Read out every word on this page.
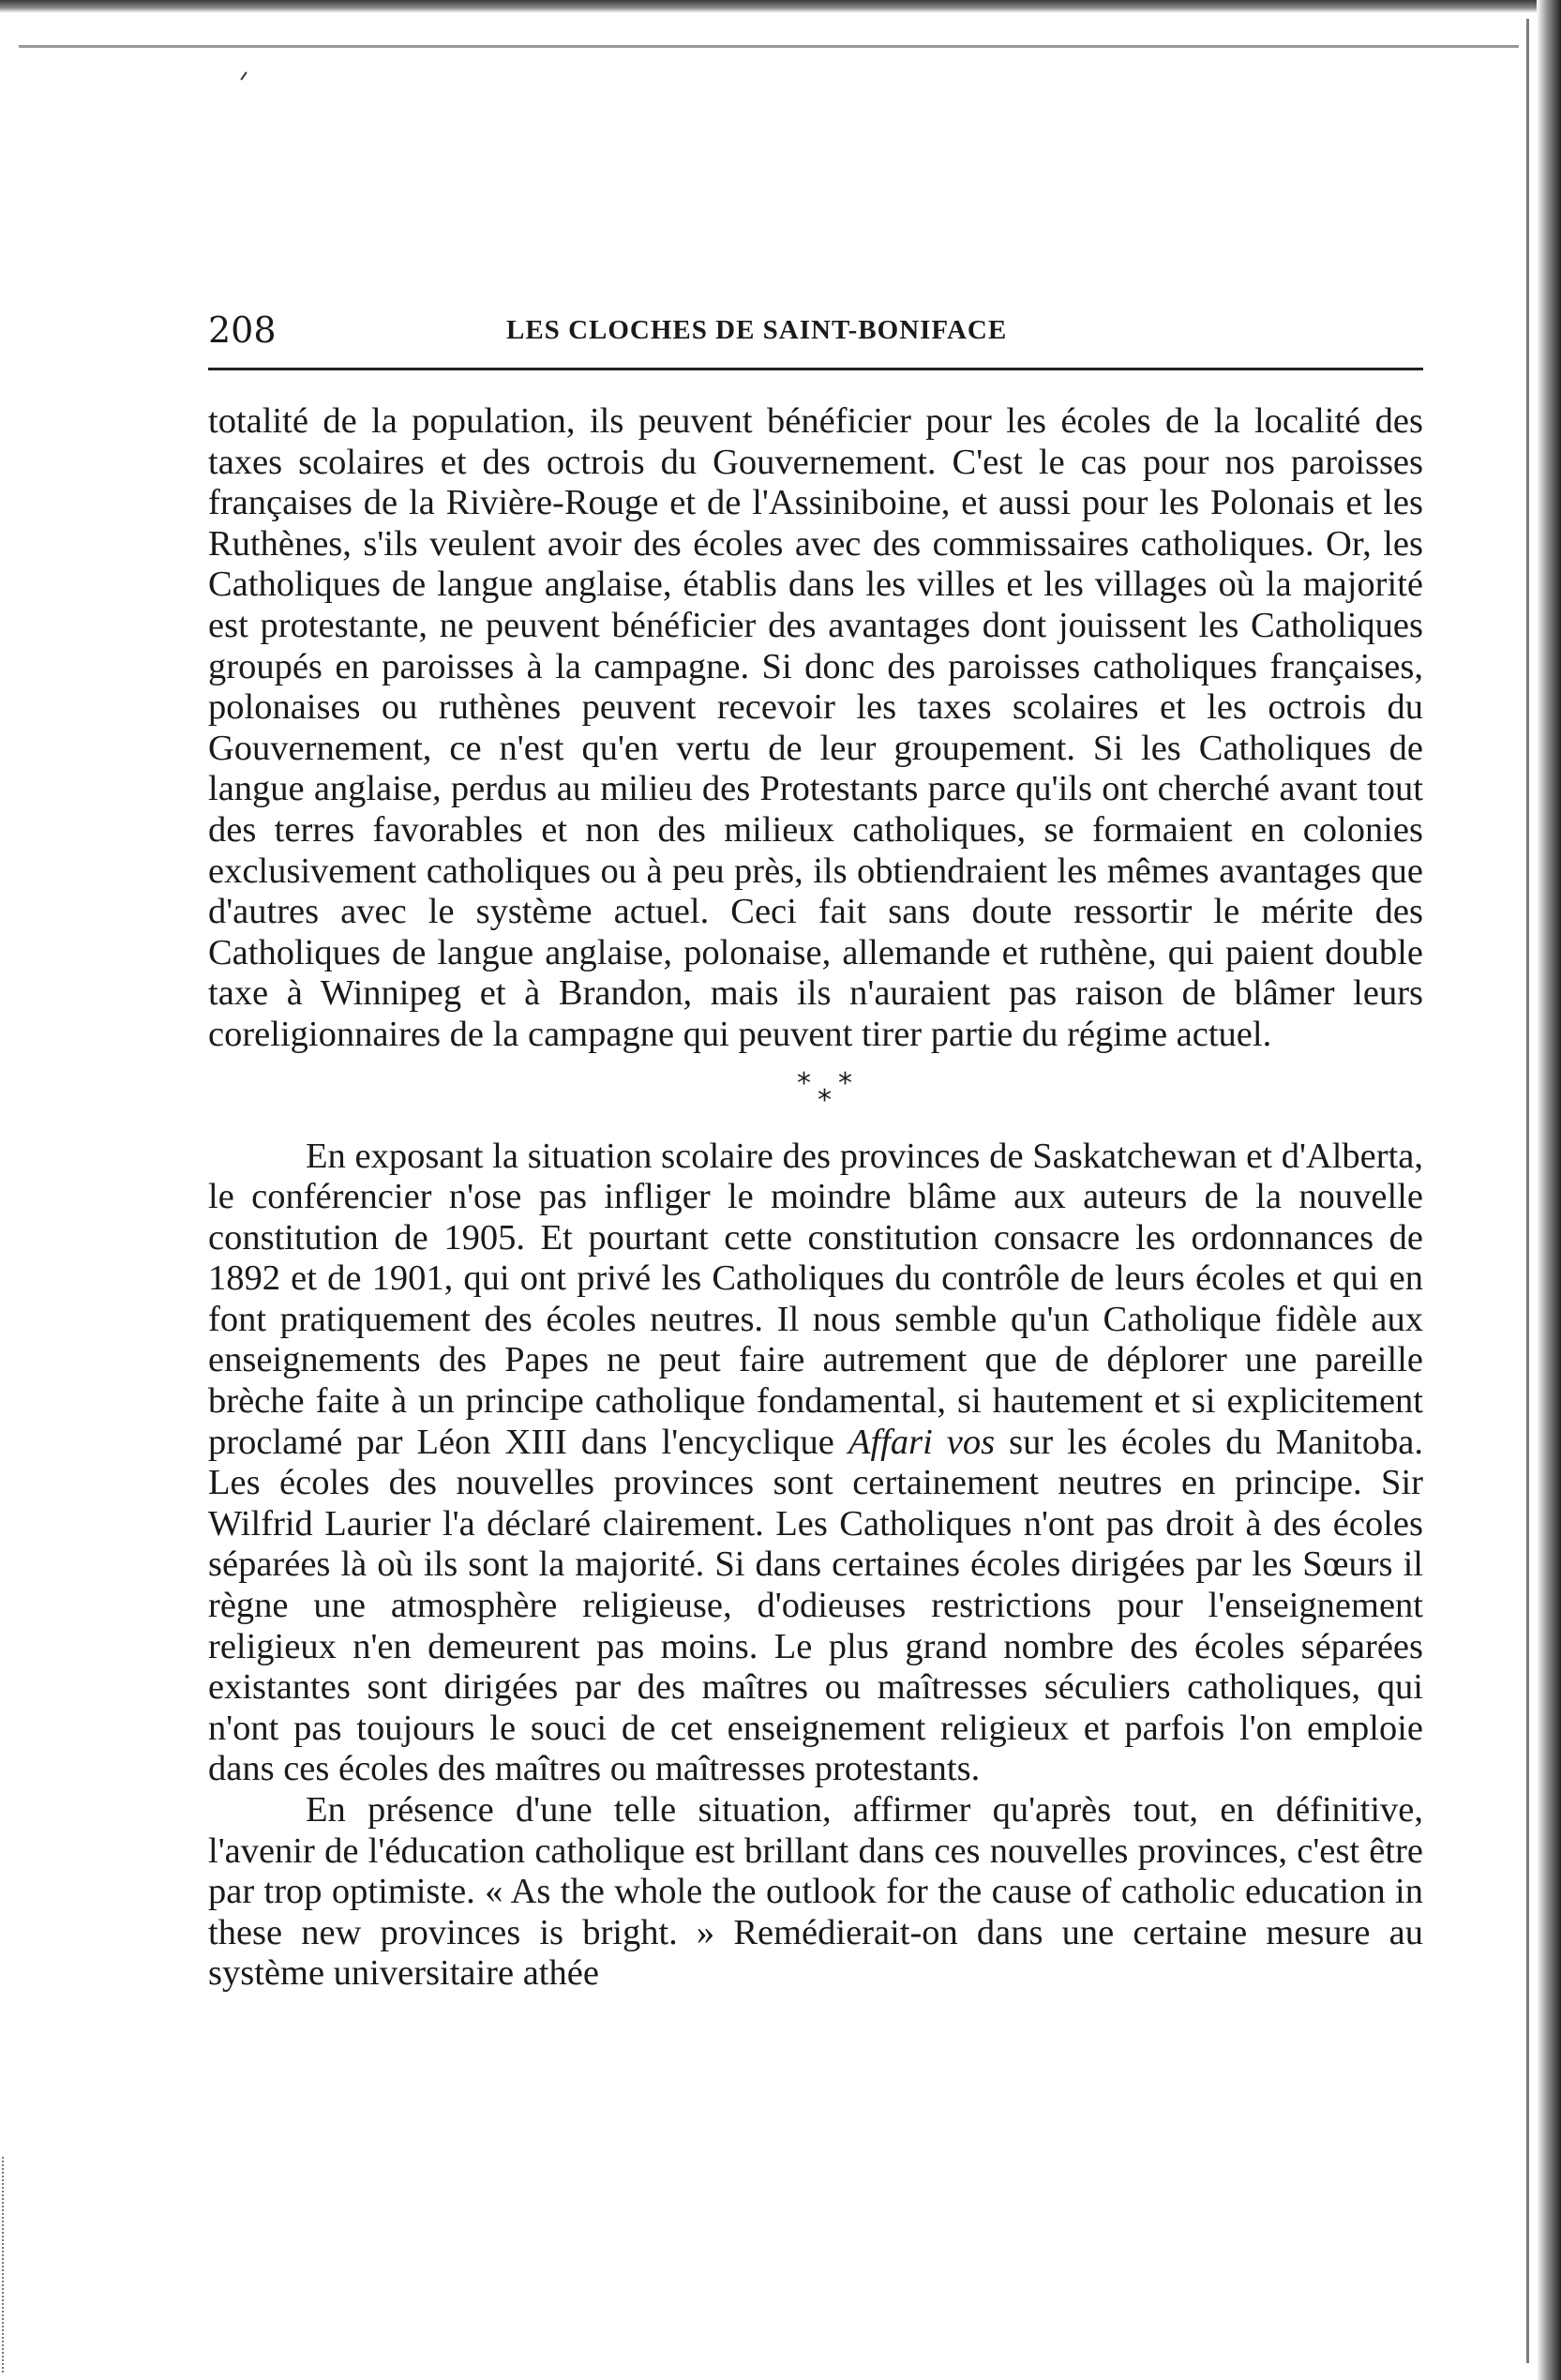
208	LES CLOCHES DE SAINT-BONIFACE

totalité de la population, ils peuvent bénéficier pour les écoles de la localité des taxes scolaires et des octrois du Gouvernement. C'est le cas pour nos paroisses françaises de la Rivière-Rouge et de l'Assiniboine, et aussi pour les Polonais et les Ruthènes, s'ils veulent avoir des écoles avec des commissaires catholiques. Or, les Catholiques de langue anglaise, établis dans les villes et les villages où la majorité est protestante, ne peuvent bénéficier des avantages dont jouissent les Catholiques groupés en paroisses à la campagne. Si donc des paroisses catholiques françaises, polonaises ou ruthènes peuvent recevoir les taxes scolaires et les octrois du Gouvernement, ce n'est qu'en vertu de leur groupement. Si les Catholiques de langue anglaise, perdus au milieu des Protestants parce qu'ils ont cherché avant tout des terres favorables et non des milieux catholiques, se formaient en colonies exclusivement catholiques ou à peu près, ils obtiendraient les mêmes avantages que d'autres avec le système actuel. Ceci fait sans doute ressortir le mérite des Catholiques de langue anglaise, polonaise, allemande et ruthène, qui paient double taxe à Winnipeg et à Brandon, mais ils n'auraient pas raison de blâmer leurs coreligionnaires de la campagne qui peuvent tirer partie du régime actuel.

*
*
*

En exposant la situation scolaire des provinces de Saskatchewan et d'Alberta, le conférencier n'ose pas infliger le moindre blâme aux auteurs de la nouvelle constitution de 1905. Et pourtant cette constitution consacre les ordonnances de 1892 et de 1901, qui ont privé les Catholiques du contrôle de leurs écoles et qui en font pratiquement des écoles neutres. Il nous semble qu'un Catholique fidèle aux enseignements des Papes ne peut faire autrement que de déplorer une pareille brèche faite à un principe catholique fondamental, si hautement et si explicitement proclamé par Léon XIII dans l'encyclique Affari vos sur les écoles du Manitoba. Les écoles des nouvelles provinces sont certainement neutres en principe. Sir Wilfrid Laurier l'a déclaré clairement. Les Catholiques n'ont pas droit à des écoles séparées là où ils sont la majorité. Si dans certaines écoles dirigées par les Sœurs il règne une atmosphère religieuse, d'odieuses restrictions pour l'enseignement religieux n'en demeurent pas moins. Le plus grand nombre des écoles séparées existantes sont dirigées par des maîtres ou maîtresses séculiers catholiques, qui n'ont pas toujours le souci de cet enseignement religieux et parfois l'on emploie dans ces écoles des maîtres ou maîtresses protestants.

En présence d'une telle situation, affirmer qu'après tout, en définitive, l'avenir de l'éducation catholique est brillant dans ces nouvelles provinces, c'est être par trop optimiste. « As the whole the outlook for the cause of catholic education in these new provinces is bright. » Remédierait-on dans une certaine mesure au système universitaire athée
